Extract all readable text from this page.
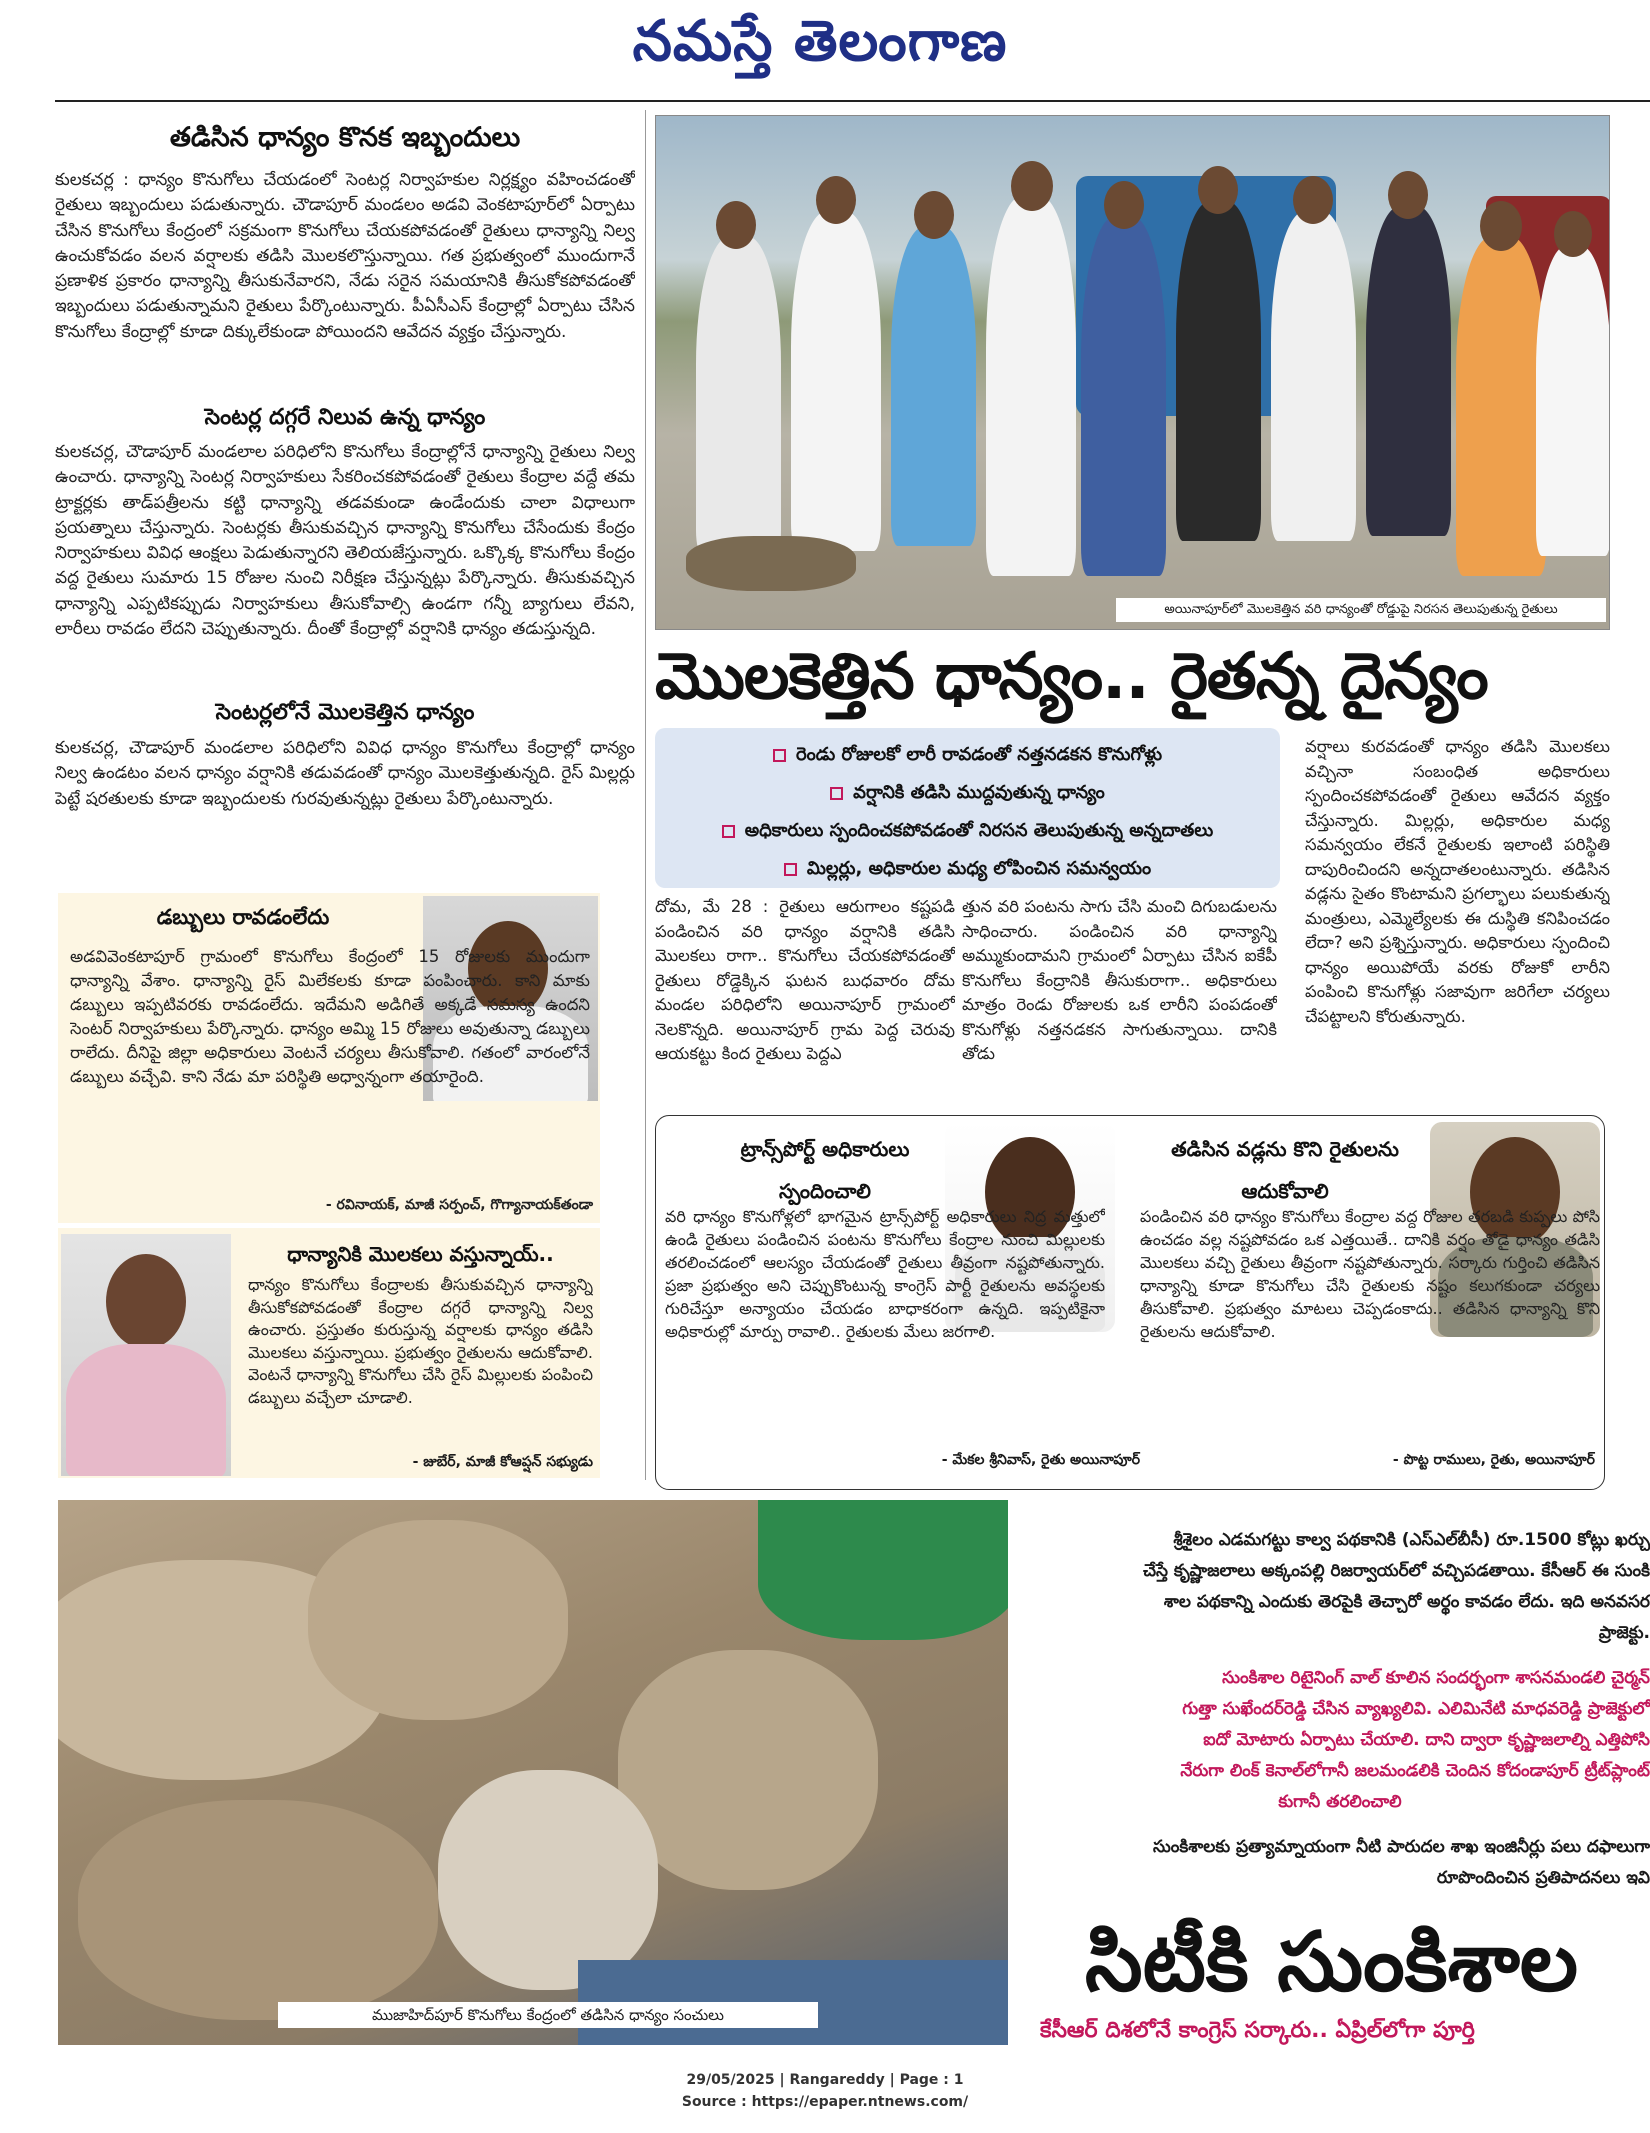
నమస్తే తెలంగాణ
తడిసిన ధాన్యం కొనక ఇబ్బందులు
కులకచర్ల : ధాన్యం కొనుగోలు చేయడంలో సెంటర్ల నిర్వాహకుల నిర్లక్ష్యం వహించడంతో రైతులు ఇబ్బందులు పడుతున్నారు. చౌడాపూర్ మండలం అడవి వెంకటాపూర్‌లో ఏర్పాటు చేసిన కొనుగోలు కేంద్రంలో సక్రమంగా కొనుగోలు చేయకపోవడంతో రైతులు ధాన్యాన్ని నిల్వ ఉంచుకోవడం వలన వర్షాలకు తడిసి మొలకలొస్తున్నాయి. గత ప్రభుత్వంలో ముందుగానే ప్రణాళిక ప్రకారం ధాన్యాన్ని తీసుకునేవారని, నేడు సరైన సమయానికి తీసుకోకపోవడంతో ఇబ్బందులు పడుతున్నామని రైతులు పేర్కొంటున్నారు. పీఏసీఎస్ కేంద్రాల్లో ఏర్పాటు చేసిన కొనుగోలు కేంద్రాల్లో కూడా దిక్కులేకుండా పోయిందని ఆవేదన వ్యక్తం చేస్తున్నారు.
సెంటర్ల దగ్గరే నిలువ ఉన్న ధాన్యం
కులకచర్ల, చౌడాపూర్ మండలాల పరిధిలోని కొనుగోలు కేంద్రాల్లోనే ధాన్యాన్ని రైతులు నిల్వ ఉంచారు. ధాన్యాన్ని సెంటర్ల నిర్వాహకులు సేకరించకపోవడంతో రైతులు కేంద్రాల వద్దే తమ ట్రాక్టర్లకు తాడ్‌పత్రీలను కట్టి ధాన్యాన్ని తడవకుండా ఉండేందుకు చాలా విధాలుగా ప్రయత్నాలు చేస్తున్నారు. సెంటర్లకు తీసుకువచ్చిన ధాన్యాన్ని కొనుగోలు చేసేందుకు కేంద్రం నిర్వాహకులు వివిధ ఆంక్షలు పెడుతున్నారని తెలియజేస్తున్నారు. ఒక్కొక్క కొనుగోలు కేంద్రం వద్ద రైతులు సుమారు 15 రోజుల నుంచి నిరీక్షణ చేస్తున్నట్లు పేర్కొన్నారు. తీసుకువచ్చిన ధాన్యాన్ని ఎప్పటికప్పుడు నిర్వాహకులు తీసుకోవాల్సి ఉండగా గన్నీ బ్యాగులు లేవని, లారీలు రావడం లేదని చెప్పుతున్నారు. దీంతో కేంద్రాల్లో వర్షానికి ధాన్యం తడుస్తున్నది.
సెంటర్లలోనే మొలకెత్తిన ధాన్యం
కులకచర్ల, చౌడాపూర్ మండలాల పరిధిలోని వివిధ ధాన్యం కొనుగోలు కేంద్రాల్లో ధాన్యం నిల్వ ఉండటం వలన ధాన్యం వర్షానికి తడువడంతో ధాన్యం మొలకెత్తుతున్నది. రైస్ మిల్లర్లు పెట్టే షరతులకు కూడా ఇబ్బందులకు గురవుతున్నట్లు రైతులు పేర్కొంటున్నారు.
డబ్బులు రావడంలేదు
అడవివెంకటాపూర్ గ్రామంలో కొనుగోలు కేంద్రంలో 15 రోజులకు ముందుగా ధాన్యాన్ని వేశాం. ధాన్యాన్ని రైస్ మిలేకలకు కూడా పంపించారు. కాని మాకు డబ్బులు ఇప్పటివరకు రావడంలేదు. ఇదేమని అడిగితే అక్కడే సమస్య ఉందని సెంటర్ నిర్వాహకులు పేర్కొన్నారు. ధాన్యం అమ్మి 15 రోజులు అవుతున్నా డబ్బులు రాలేదు. దీనిపై జిల్లా అధికారులు వెంటనే చర్యలు తీసుకోవాలి. గతంలో వారంలోనే డబ్బులు వచ్చేవి. కాని నేడు మా పరిస్థితి అధ్వాన్నంగా తయారైంది.
- రవినాయక్, మాజీ సర్పంచ్, గొగ్యానాయక్‌తండా
ధాన్యానికి మొలకలు వస్తున్నాయ్..
ధాన్యం కొనుగోలు కేంద్రాలకు తీసుకువచ్చిన ధాన్యాన్ని తీసుకోకపోవడంతో కేంద్రాల దగ్గరే ధాన్యాన్ని నిల్వ ఉంచారు. ప్రస్తుతం కురుస్తున్న వర్షాలకు ధాన్యం తడిసి మొలకలు వస్తున్నాయి. ప్రభుత్వం రైతులను ఆదుకోవాలి. వెంటనే ధాన్యాన్ని కొనుగోలు చేసి రైస్ మిల్లులకు పంపించి డబ్బులు వచ్చేలా చూడాలి.
- జుబేర్, మాజీ కోఆప్షన్ సభ్యుడు
అయినాపూర్‌లో మొలకెత్తిన వరి ధాన్యంతో రోడ్డుపై నిరసన తెలుపుతున్న రైతులు
మొలకెత్తిన ధాన్యం.. రైతన్న దైన్యం
రెండు రోజులకో లారీ రావడంతో నత్తనడకన కొనుగోళ్లు
వర్షానికి తడిసి ముద్దవుతున్న ధాన్యం
అధికారులు స్పందించకపోవడంతో నిరసన తెలుపుతున్న అన్నదాతలు
మిల్లర్లు, అధికారుల మధ్య లోపించిన సమన్వయం
దోమ, మే 28 : రైతులు ఆరుగాలం కష్టపడి పండించిన వరి ధాన్యం వర్షానికి తడిసి మొలకలు రాగా.. కొనుగోలు చేయకపోవడంతో రైతులు రోడ్డెక్కిన ఘటన బుధవారం దోమ మండల పరిధిలోని అయినాపూర్ గ్రామంలో నెలకొన్నది. అయినాపూర్ గ్రామ పెద్ద చెరువు ఆయకట్టు కింద రైతులు పెద్దఎ
త్తున వరి పంటను సాగు చేసి మంచి దిగుబడులను సాధించారు. పండించిన వరి ధాన్యాన్ని అమ్ముకుందామని గ్రామంలో ఏర్పాటు చేసిన ఐకేపీ కొనుగోలు కేంద్రానికి తీసుకురాగా.. అధికారులు మాత్రం రెండు రోజులకు ఒక లారీని పంపడంతో కొనుగోళ్లు నత్తనడకన సాగుతున్నాయి. దానికి తోడు
వర్షాలు కురవడంతో ధాన్యం తడిసి మొలకలు వచ్చినా సంబంధిత అధికారులు స్పందించకపోవడంతో రైతులు ఆవేదన వ్యక్తం చేస్తున్నారు. మిల్లర్లు, అధికారుల మధ్య సమన్వయం లేకనే రైతులకు ఇలాంటి పరిస్థితి దాపురించిందని అన్నదాతలంటున్నారు. తడిసిన వడ్లను సైతం కొంటామని ప్రగల్భాలు పలుకుతున్న మంత్రులు, ఎమ్మెల్యేలకు ఈ దుస్థితి కనిపించడం లేదా? అని ప్రశ్నిస్తున్నారు. అధికారులు స్పందించి ధాన్యం అయిపోయే వరకు రోజుకో లారీని పంపించి కొనుగోళ్లు సజావుగా జరిగేలా చర్యలు చేపట్టాలని కోరుతున్నారు.
ట్రాన్స్‌పోర్ట్ అధికారులు స్పందించాలి
వరి ధాన్యం కొనుగోళ్లలో భాగమైన ట్రాన్స్‌పోర్ట్ అధికారులు నిద్ర మత్తులో ఉండి రైతులు పండించిన పంటను కొనుగోలు కేంద్రాల నుంచి మిల్లులకు తరలించడంలో ఆలస్యం చేయడంతో రైతులు తీవ్రంగా నష్టపోతున్నారు. ప్రజా ప్రభుత్వం అని చెప్పుకొంటున్న కాంగ్రెస్ పార్టీ రైతులను అవస్థలకు గురిచేస్తూ అన్యాయం చేయడం బాధాకరంగా ఉన్నది. ఇప్పటికైనా అధికారుల్లో మార్పు రావాలి.. రైతులకు మేలు జరగాలి.
- మేకల శ్రీనివాస్, రైతు అయినాపూర్
తడిసిన వడ్లను కొని రైతులను ఆదుకోవాలి
పండించిన వరి ధాన్యం కొనుగోలు కేంద్రాల వద్ద రోజుల తరబడి కుప్పలు పోసి ఉంచడం వల్ల నష్టపోవడం ఒక ఎత్తయితే.. దానికి వర్షం తోడై ధాన్యం తడిసి మొలకలు వచ్చి రైతులు తీవ్రంగా నష్టపోతున్నారు. సర్కారు గుర్తించి తడిసిన ధాన్యాన్ని కూడా కొనుగోలు చేసి రైతులకు నష్టం కలుగకుండా చర్యలు తీసుకోవాలి. ప్రభుత్వం మాటలు చెప్పడంకాదు.. తడిసిన ధాన్యాన్ని కొని రైతులను ఆదుకోవాలి.
- పొట్ట రాములు, రైతు, అయినాపూర్
ముజాహిద్‌పూర్ కొనుగోలు కేంద్రంలో తడిసిన ధాన్యం సంచులు
శ్రీశైలం ఎడమగట్టు కాల్వ పథకానికి (ఎస్ఎల్‌బీసీ) రూ.1500 కోట్లు ఖర్చు
చేస్తే కృష్ణాజలాలు అక్కంపల్లి రిజర్వాయర్‌లో వచ్చిపడతాయి. కేసీఆర్ ఈ సుంకి
శాల పథకాన్ని ఎందుకు తెరపైకి తెచ్చారో అర్థం కావడం లేదు. ఇది అనవసర
ప్రాజెక్టు.
సుంకిశాల రిటైనింగ్ వాల్ కూలిన సందర్భంగా శాసనమండలి చైర్మన్
గుత్తా సుఖేందర్‌రెడ్డి చేసిన వ్యాఖ్యలివి. ఎలిమినేటి మాధవరెడ్డి ప్రాజెక్టులో
ఐదో మోటారు ఏర్పాటు చేయాలి. దాని ద్వారా కృష్ణాజలాల్ని ఎత్తిపోసి
నేరుగా లింక్ కెనాల్‌లోగానీ జలమండలికి చెందిన కోదండాపూర్ ట్రీట్‌ప్లాంట్
కుగానీ తరలించాలి
సుంకిశాలకు ప్రత్యామ్నాయంగా నీటి పారుదల శాఖ ఇంజినీర్లు పలు దఫాలుగా
రూపొందించిన ప్రతిపాదనలు ఇవి
సిటీకి సుంకిశాల
కేసీఆర్ దిశలోనే కాంగ్రెస్ సర్కారు.. ఏప్రిల్‌లోగా పూర్తి
29/05/2025 | Rangareddy | Page : 1
Source : https://epaper.ntnews.com/
